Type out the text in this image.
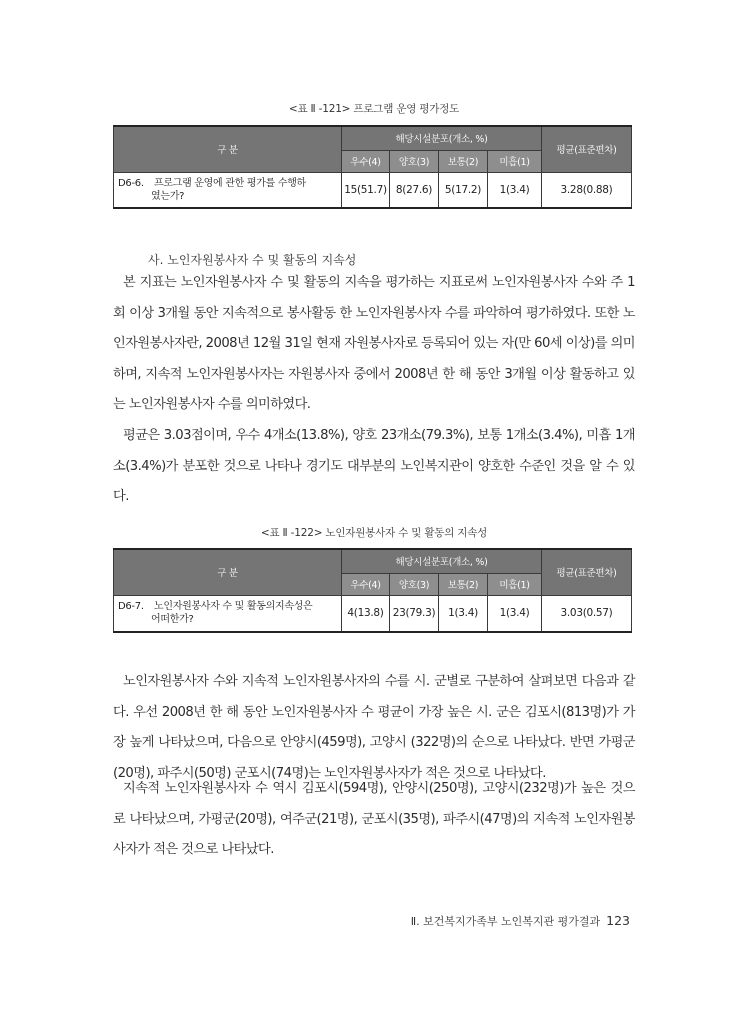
<표 Ⅱ -121> 프로그램 운영 평가정도
구 분	해당시설분포(개소, %)				평균(표준편차)
	우수(4)	양호(3)	보통(2)	미흡(1)	
D6-6. 프로그램 운영에 관한 평가를 수행하
였는가?	15(51.7)	8(27.6)	5(17.2)	1(3.4)	3.28(0.88)
사. 노인자원봉사자 수 및 활동의 지속성

본 지표는 노인자원봉사자 수 및 활동의 지속을 평가하는 지표로써 노인자원봉사자 수와 주 1회 이상 3개월 동안 지속적으로 봉사활동 한 노인자원봉사자 수를 파악하여 평가하였다. 또한 노인자원봉사자란, 2008년 12월 31일 현재 자원봉사자로 등록되어 있는 자(만 60세 이상)를 의미하며, 지속적 노인자원봉사자는 자원봉사자 중에서 2008년 한 해 동안 3개월 이상 활동하고 있는 노인자원봉사자 수를 의미하였다.

평균은 3.03점이며, 우수 4개소(13.8%), 양호 23개소(79.3%), 보통 1개소(3.4%), 미흡 1개소(3.4%)가 분포한 것으로 나타나 경기도 대부분의 노인복지관이 양호한 수준인 것을 알 수 있다.

<표 Ⅱ -122> 노인자원봉사자 수 및 활동의 지속성
구 분	해당시설분포(개소, %)				평균(표준편차)
	우수(4)	양호(3)	보통(2)	미흡(1)	
D6-7. 노인자원봉사자 수 및 활동의지속성은
어떠한가?	4(13.8)	23(79.3)	1(3.4)	1(3.4)	3.03(0.57)

노인자원봉사자 수와 지속적 노인자원봉사자의 수를 시. 군별로 구분하여 살펴보면 다음과 같다. 우선 2008년 한 해 동안 노인자원봉사자 수 평균이 가장 높은 시. 군은 김포시(813명)가 가장 높게 나타났으며, 다음으로 안양시(459명), 고양시 (322명)의 순으로 나타났다. 반면 가평군(20명), 파주시(50명) 군포시(74명)는 노인자원봉사자가 적은 것으로 나타났다.

지속적 노인자원봉사자 수 역시 김포시(594명), 안양시(250명), 고양시(232명)가 높은 것으로 나타났으며, 가평군(20명), 여주군(21명), 군포시(35명), 파주시(47명)의 지속적 노인자원봉사자가 적은 것으로 나타났다.

Ⅱ. 보건복지가족부 노인복지관 평가결과 123
